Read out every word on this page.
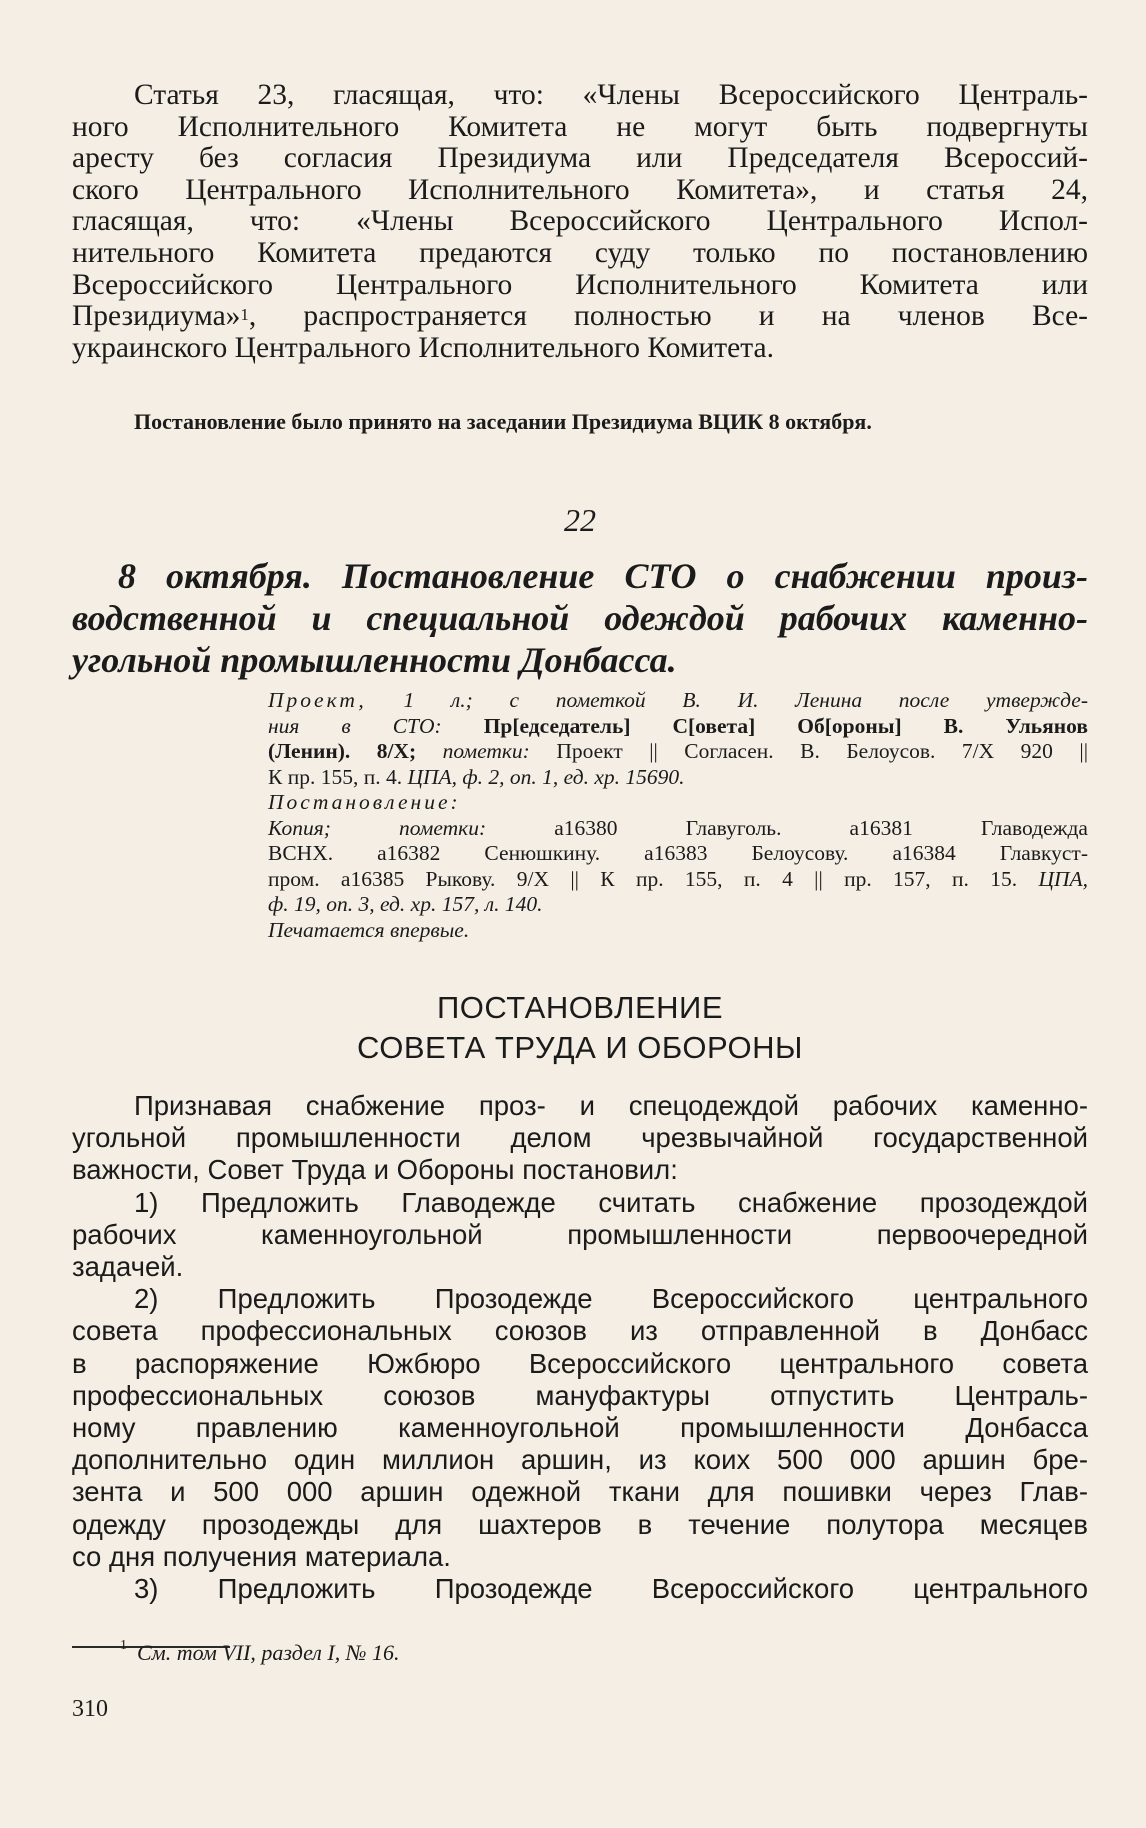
Статья 23, гласящая, что: «Члены Всероссийского Централь-

ного Исполнительного Комитета не могут быть подвергнуты

аресту без согласия Президиума или Председателя Всероссий-

ского Центрального Исполнительного Комитета», и статья 24,

гласящая, что: «Члены Всероссийского Центрального Испол-

нительного Комитета предаются суду только по постановлению

Всероссийского Центрального Исполнительного Комитета или

Президиума»$^1$, распространяется полностью и на членов Все-

украинского Центрального Исполнительного Комитета.

Постановление было принято на заседании Президиума ВЦИК 8 октября.
22
8 октября. Постановление СТО о снабжении произ-
водственной и специальной одеждой рабочих каменно-
угольной промышленности Донбасса.

Проект, 1 л.; с пометкой В. И. Ленина после утвержде-

ния в СТО: Пр[едседатель] С[овета] Об[ороны] В. Ульянов

(Ленин). 8/Х; пометки: Проект || Согласен. В. Белоусов. 7/Х 920 ||

К пр. 155, п. 4. ЦПА, ф. 2, оп. 1, ед. хр. 15690.

Постановление:

Копия; пометки: а16380 Главуголь. а16381 Главодежда

ВСНХ. а16382 Сенюшкину. а16383 Белоусову. а16384 Главкуст-

пром. а16385 Рыкову. 9/Х || К пр. 155, п. 4 || пр. 157, п. 15. ЦПА,

ф. 19, оп. 3, ед. хр. 157, л. 140.

Печатается впервые.

ПОСТАНОВЛЕНИЕ
СОВЕТА ТРУДА И ОБОРОНЫ

Признавая снабжение проз- и спецодеждой рабочих каменно-

угольной промышленности делом чрезвычайной государственной

важности, Совет Труда и Обороны постановил:

1) Предложить Главодежде считать снабжение прозодеждой

рабочих каменноугольной промышленности первоочередной

задачей.

2) Предложить Прозодежде Всероссийского центрального

совета профессиональных союзов из отправленной в Донбасс

в распоряжение Южбюро Всероссийского центрального совета

профессиональных союзов мануфактуры отпустить Централь-

ному правлению каменноугольной промышленности Донбасса

дополнительно один миллион аршин, из коих 500 000 аршин бре-

зента и 500 000 аршин одежной ткани для пошивки через Глав-

одежду прозодежды для шахтеров в течение полутора месяцев

со дня получения материала.

3) Предложить Прозодежде Всероссийского центрального

$^1$ См. том VII, раздел I, № 16.
310
